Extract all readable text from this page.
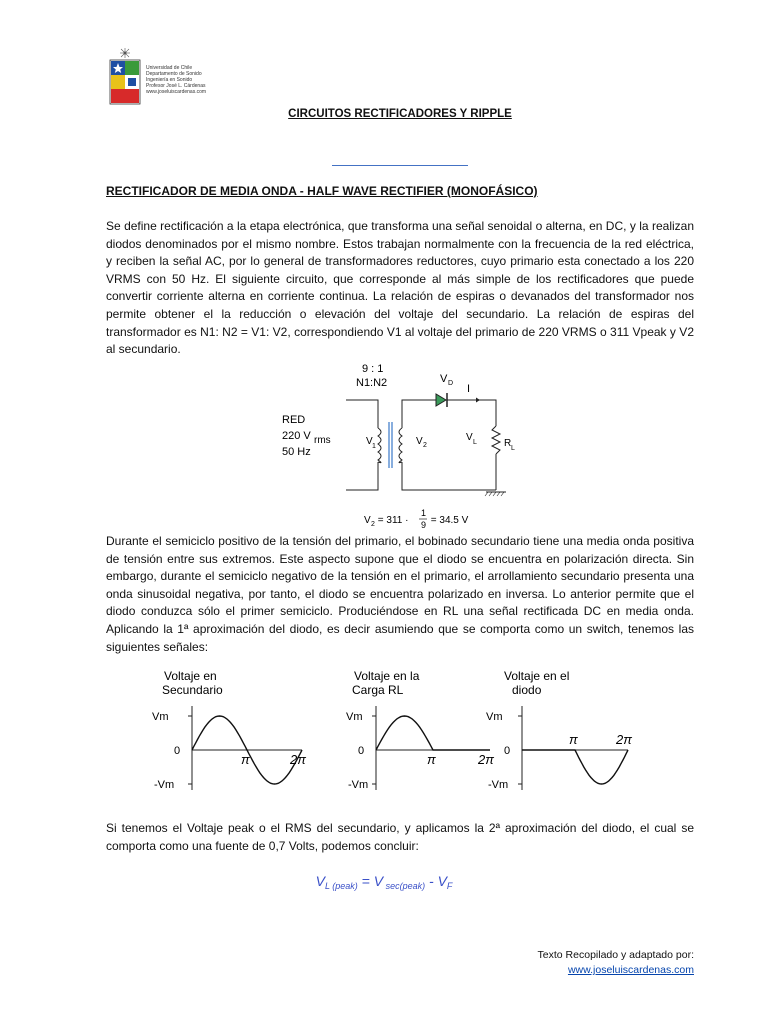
Universidad de Chile
Departamento de Sonido
Ingeniería en Sonido
Profesor José L. Cárdenas
www.joseluiscardenas.com
CIRCUITOS RECTIFICADORES Y RIPPLE
RECTIFICADOR DE MEDIA ONDA - HALF WAVE RECTIFIER (MONOFÁSICO)
Se define rectificación a la etapa electrónica, que transforma una señal senoidal o alterna, en DC, y la realizan diodos denominados por el mismo nombre. Estos trabajan normalmente con la frecuencia de la red eléctrica, y reciben la señal AC, por lo general de transformadores reductores, cuyo primario esta conectado a los 220 VRMS con 50 Hz. El siguiente circuito, que corresponde al más simple de los rectificadores que puede convertir corriente alterna en corriente continua. La relación de espiras o devanados del transformador nos permite obtener el la reducción o elevación del voltaje del secundario. La relación de espiras del transformador es N1: N2 = V1: V2, correspondiendo V1 al voltaje del primario de 220 VRMS o 311 Vpeak y V2 al secundario.
9 : 1
N1:N2	V D I
RED
220 V rms
50 Hz
V 1	V 2
V L	R L
V 2 = 311 ·
1
9 = 34.5 V
Durante el semiciclo positivo de la tensión del primario, el bobinado secundario tiene una media onda positiva de tensión entre sus extremos. Este aspecto supone que el diodo se encuentra en polarización directa. Sin embargo, durante el semiciclo negativo de la tensión en el primario, el arrollamiento secundario presenta una onda sinusoidal negativa, por tanto, el diodo se encuentra polarizado en inversa. Lo anterior permite que el diodo conduzca sólo el primer semiciclo. Produciéndose en RL una señal rectificada DC en media onda. Aplicando la 1ª aproximación del diodo, es decir asumiendo que se comporta como un switch, tenemos las siguientes señales:
Voltaje en
Secundario
Vm
0
-Vm
π	2π
Voltaje en la
Carga RL
Vm
0
-Vm
π	2π
Voltaje en el
diodo
Vm
0
-Vm
π	2π
Si tenemos el Voltaje peak o el RMS del secundario, y aplicamos la 2ª aproximación del diodo, el cual se comporta como una fuente de 0,7 Volts, podemos concluir:
$V_{L (peak)} = V$ $_{sec(peak)} - V_F$
Texto Recopilado y adaptado por:
www.joseluiscardenas.com
